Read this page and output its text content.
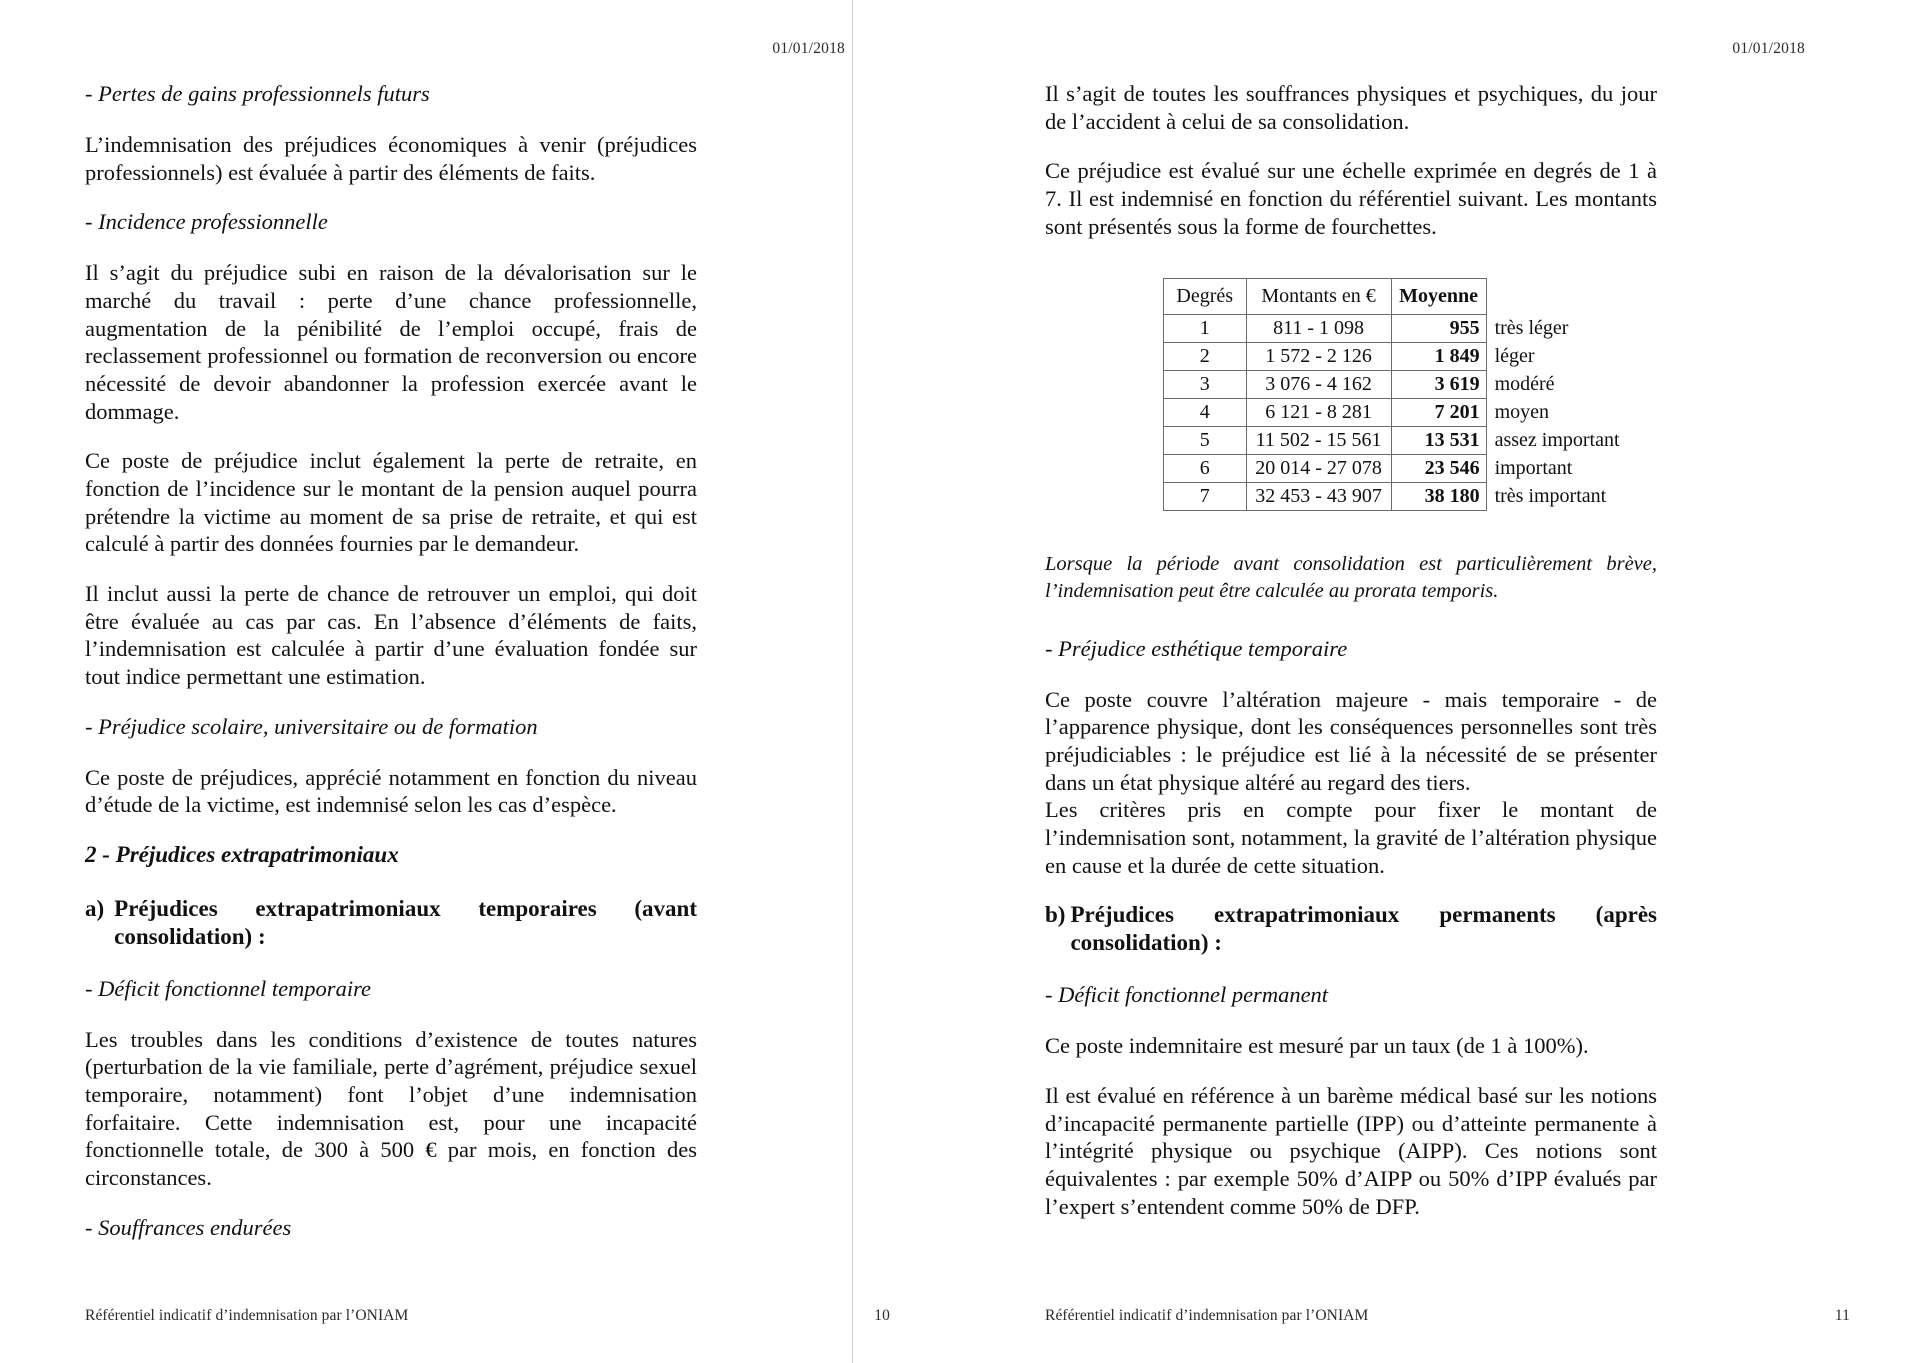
01/01/2018
- Pertes de gains professionnels futurs

L’indemnisation des préjudices économiques à venir (préjudices professionnels) est évaluée à partir des éléments de faits.

- Incidence professionnelle

Il s’agit du préjudice subi en raison de la dévalorisation sur le marché du travail : perte d’une chance professionnelle, augmentation de la pénibilité de l’emploi occupé, frais de reclassement professionnel ou formation de reconversion ou encore nécessité de devoir abandonner la profession exercée avant le dommage.

Ce poste de préjudice inclut également la perte de retraite, en fonction de l’incidence sur le montant de la pension auquel pourra prétendre la victime au moment de sa prise de retraite, et qui est calculé à partir des données fournies par le demandeur.

Il inclut aussi la perte de chance de retrouver un emploi, qui doit être évaluée au cas par cas. En l’absence d’éléments de faits, l’indemnisation est calculée à partir d’une évaluation fondée sur tout indice permettant une estimation.

- Préjudice scolaire, universitaire ou de formation

Ce poste de préjudices, apprécié notamment en fonction du niveau d’étude de la victime, est indemnisé selon les cas d’espèce.

2 - Préjudices extrapatrimoniaux
a) Préjudices extrapatrimoniaux temporaires (avant
consolidation) :
- Déficit fonctionnel temporaire

Les troubles dans les conditions d’existence de toutes natures (perturbation de la vie familiale, perte d’agrément, préjudice sexuel temporaire, notamment) font l’objet d’une indemnisation forfaitaire. Cette indemnisation est, pour une incapacité fonctionnelle totale, de 300 à 500 € par mois, en fonction des circonstances.

- Souffrances endurées
Référentiel indicatif d’indemnisation par l’ONIAM	10
01/01/2018

Il s’agit de toutes les souffrances physiques et psychiques, du jour de l’accident à celui de sa consolidation.

Ce préjudice est évalué sur une échelle exprimée en degrés de 1 à 7. Il est indemnisé en fonction du référentiel suivant. Les montants sont présentés sous la forme de fourchettes.

Degrés	Montants en €	Moyenne	
1	811 - 1 098	955	très léger
2	1 572 - 2 126	1 849	léger
3	3 076 - 4 162	3 619	modéré
4	6 121 - 8 281	7 201	moyen
5	11 502 - 15 561	13 531	assez important
6	20 014 - 27 078	23 546	important
7	32 453 - 43 907	38 180	très important

Lorsque la période avant consolidation est particulièrement brève, l’indemnisation peut être calculée au prorata temporis.

- Préjudice esthétique temporaire

Ce poste couvre l’altération majeure - mais temporaire - de l’apparence physique, dont les conséquences personnelles sont très préjudiciables : le préjudice est lié à la nécessité de se présenter dans un état physique altéré au regard des tiers.

Les critères pris en compte pour fixer le montant de l’indemnisation sont, notamment, la gravité de l’altération physique en cause et la durée de cette situation.

b) Préjudices extrapatrimoniaux permanents (après
consolidation) :
- Déficit fonctionnel permanent

Ce poste indemnitaire est mesuré par un taux (de 1 à 100%).

Il est évalué en référence à un barème médical basé sur les notions d’incapacité permanente partielle (IPP) ou d’atteinte permanente à l’intégrité physique ou psychique (AIPP). Ces notions sont équivalentes : par exemple 50% d’AIPP ou 50% d’IPP évalués par l’expert s’entendent comme 50% de DFP.

Référentiel indicatif d’indemnisation par l’ONIAM	11
